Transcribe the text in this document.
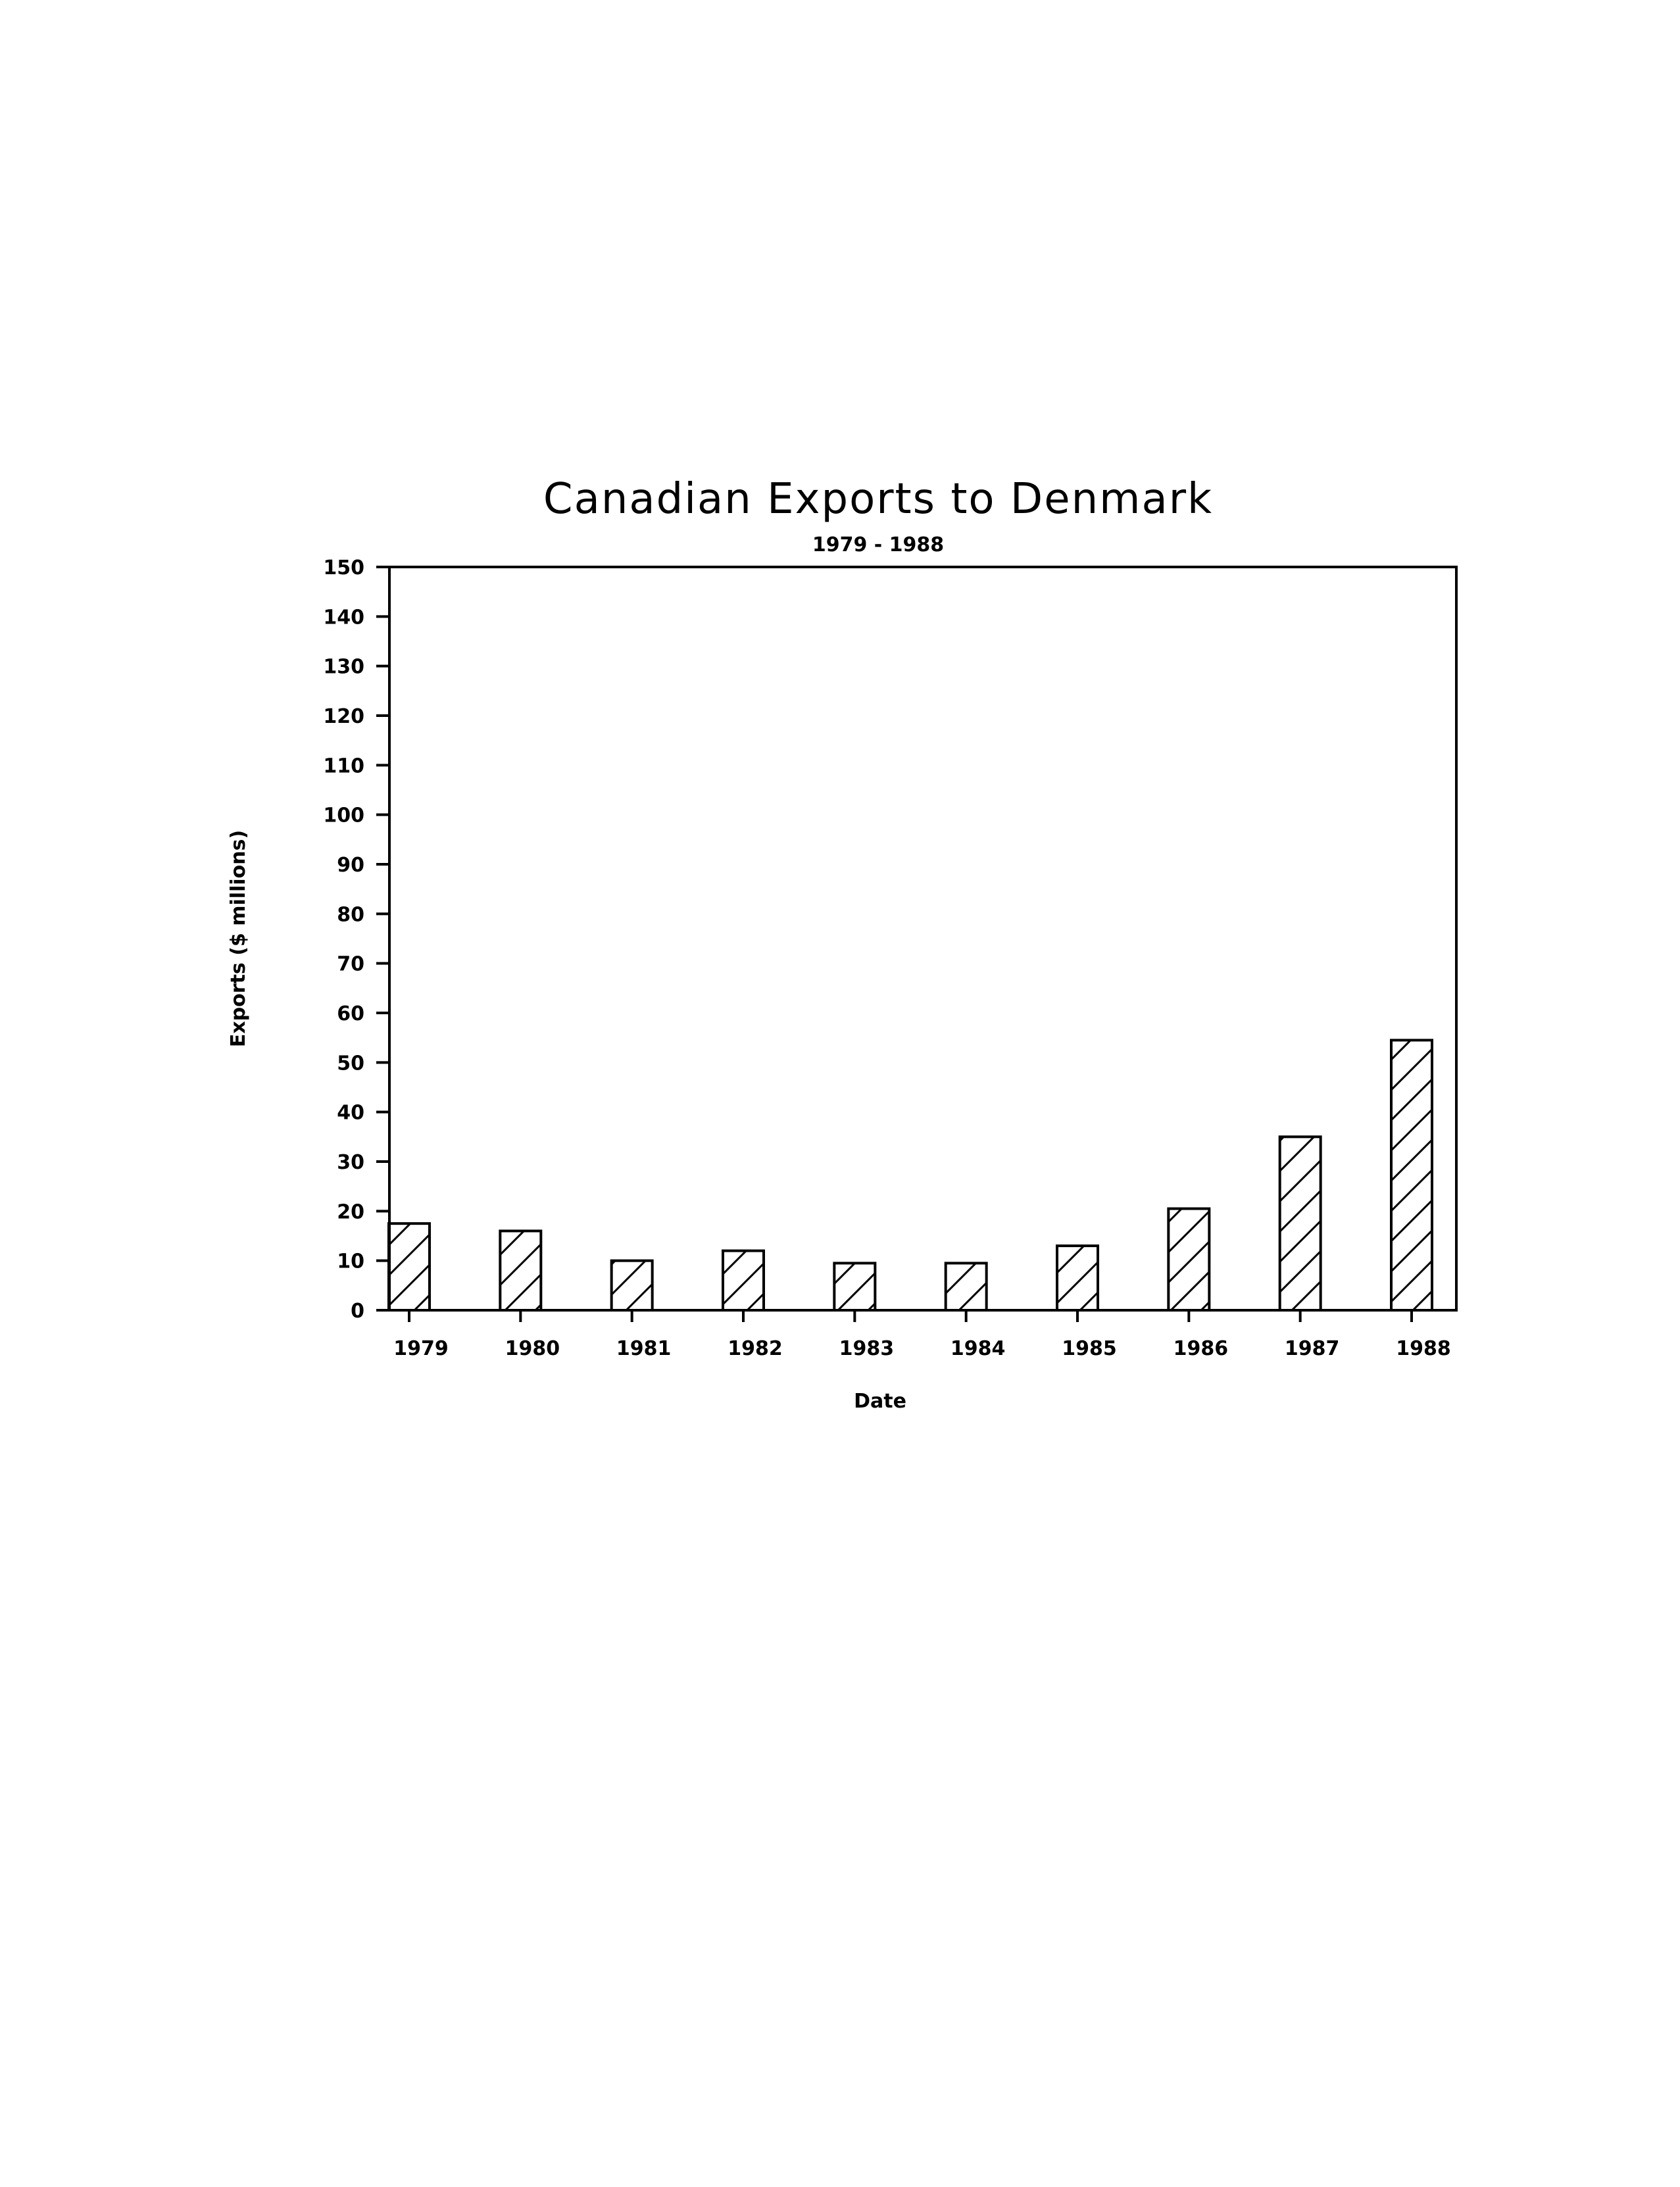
Canadian Exports to Denmark
1979 - 1988
0
10
20
30
40
50
60
70
80
90
100
110
120
130
140
150
1979	1980	1981	1982	1983	1984	1985	1986	1987	1988
Exports ($ millions)
Date
